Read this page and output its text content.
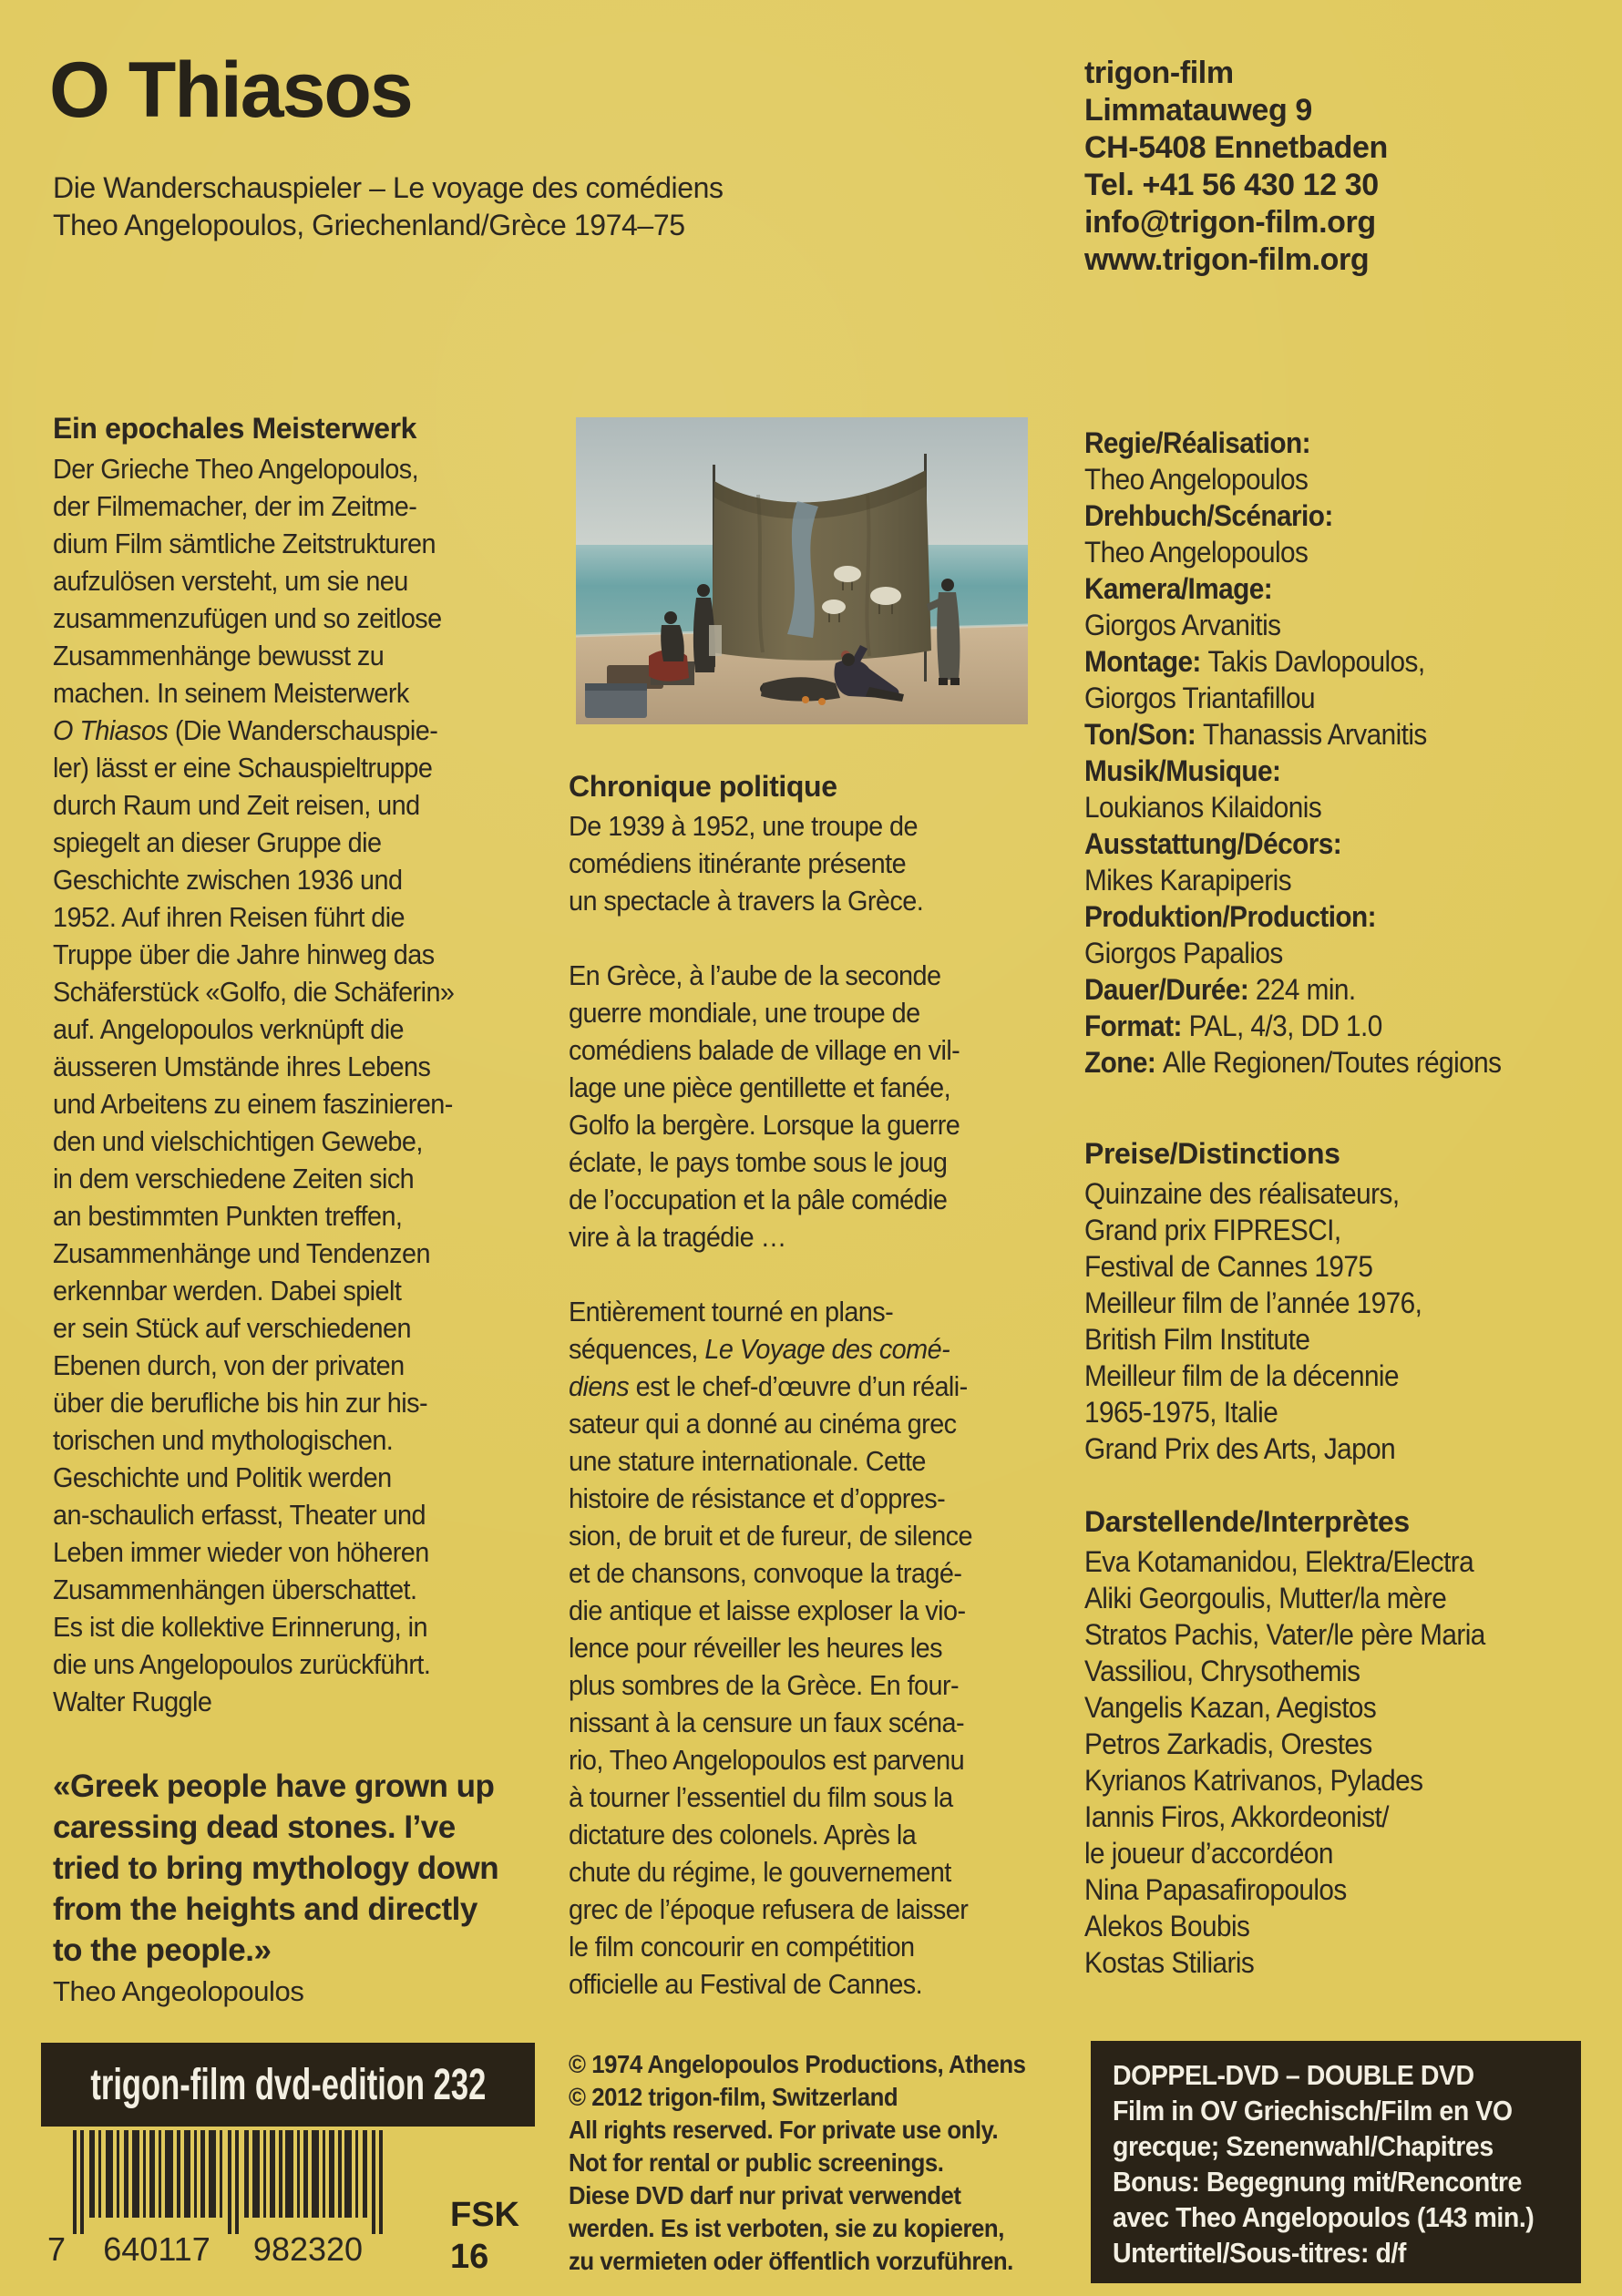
O Thiasos
Die Wanderschauspieler – Le voyage des comédiens
Theo Angelopoulos, Griechenland/Grèce 1974–75
trigon-film
Limmatauweg 9
CH-5408 Ennetbaden
Tel. +41 56 430 12 30
info@trigon-film.org
www.trigon-film.org
Ein epochales Meisterwerk
Der Grieche Theo Angelopoulos,
der Filmemacher, der im Zeitme-
dium Film sämtliche Zeitstrukturen
aufzulösen versteht, um sie neu
zusammenzufügen und so zeitlose
Zusammenhänge bewusst zu
machen. In seinem Meisterwerk
O Thiasos (Die Wanderschauspie-
ler) lässt er eine Schauspieltruppe
durch Raum und Zeit reisen, und
spiegelt an dieser Gruppe die
Geschichte zwischen 1936 und
1952. Auf ihren Reisen führt die
Truppe über die Jahre hinweg das
Schäferstück «Golfo, die Schäferin»
auf. Angelopoulos verknüpft die
äusseren Umstände ihres Lebens
und Arbeitens zu einem faszinieren-
den und vielschichtigen Gewebe,
in dem verschiedene Zeiten sich
an bestimmten Punkten treffen,
Zusammenhänge und Tendenzen
erkennbar werden. Dabei spielt
er sein Stück auf verschiedenen
Ebenen durch, von der privaten
über die berufliche bis hin zur his-
torischen und mythologischen.
Geschichte und Politik werden
an-schaulich erfasst, Theater und
Leben immer wieder von höheren
Zusammenhängen überschattet.
Es ist die kollektive Erinnerung, in
die uns Angelopoulos zurückführt.
Walter Ruggle
«Greek people have grown up
caressing dead stones. I’ve
tried to bring mythology down
from the heights and directly
to the people.»
Theo Angeolopoulos
Chronique politique
De 1939 à 1952, une troupe de
comédiens itinérante présente
un spectacle à travers la Grèce.

En Grèce, à l’aube de la seconde
guerre mondiale, une troupe de
comédiens balade de village en vil-
lage une pièce gentillette et fanée,
Golfo la bergère. Lorsque la guerre
éclate, le pays tombe sous le joug
de l’occupation et la pâle comédie
vire à la tragédie …

Entièrement tourné en plans-
séquences, Le Voyage des comé-
diens est le chef-d’œuvre d’un réali-
sateur qui a donné au cinéma grec
une stature internationale. Cette
histoire de résistance et d’oppres-
sion, de bruit et de fureur, de silence
et de chansons, convoque la tragé-
die antique et laisse exploser la vio-
lence pour réveiller les heures les
plus sombres de la Grèce. En four-
nissant à la censure un faux scéna-
rio, Theo Angelopoulos est parvenu
à tourner l’essentiel du film sous la
dictature des colonels. Après la
chute du régime, le gouvernement
grec de l’époque refusera de laisser
le film concourir en compétition
officielle au Festival de Cannes.
© 1974 Angelopoulos Productions, Athens
© 2012 trigon-film, Switzerland
All rights reserved. For private use only.
Not for rental or public screenings.
Diese DVD darf nur privat verwendet
werden. Es ist verboten, sie zu kopieren,
zu vermieten oder öffentlich vorzuführen.
Regie/Réalisation:
Theo Angelopoulos
Drehbuch/Scénario:
Theo Angelopoulos
Kamera/Image:
Giorgos Arvanitis
Montage: Takis Davlopoulos,
Giorgos Triantafillou
Ton/Son: Thanassis Arvanitis
Musik/Musique:
Loukianos Kilaidonis
Ausstattung/Décors:
Mikes Karapiperis
Produktion/Production:
Giorgos Papalios
Dauer/Durée: 224 min.
Format: PAL, 4/3, DD 1.0
Zone: Alle Regionen/Toutes régions
Preise/Distinctions
Quinzaine des réalisateurs,
Grand prix FIPRESCI,
Festival de Cannes 1975
Meilleur film de l’année 1976,
British Film Institute
Meilleur film de la décennie
1965-1975, Italie
Grand Prix des Arts, Japon
Darstellende/Interprètes
Eva Kotamanidou, Elektra/Electra
Aliki Georgoulis, Mutter/la mère
Stratos Pachis, Vater/le père Maria
Vassiliou, Chrysothemis
Vangelis Kazan, Aegistos
Petros Zarkadis, Orestes
Kyrianos Katrivanos, Pylades
Iannis Firos, Akkordeonist/
le joueur d’accordéon
Nina Papasafiropoulos
Alekos Boubis
Kostas Stiliaris
trigon-film dvd-edition 232
7 640117 982320
FSK
16
DOPPEL-DVD – DOUBLE DVD
Film in OV Griechisch/Film en VO
grecque; Szenenwahl/Chapitres
Bonus: Begegnung mit/Rencontre
avec Theo Angelopoulos (143 min.)
Untertitel/Sous-titres: d/f
